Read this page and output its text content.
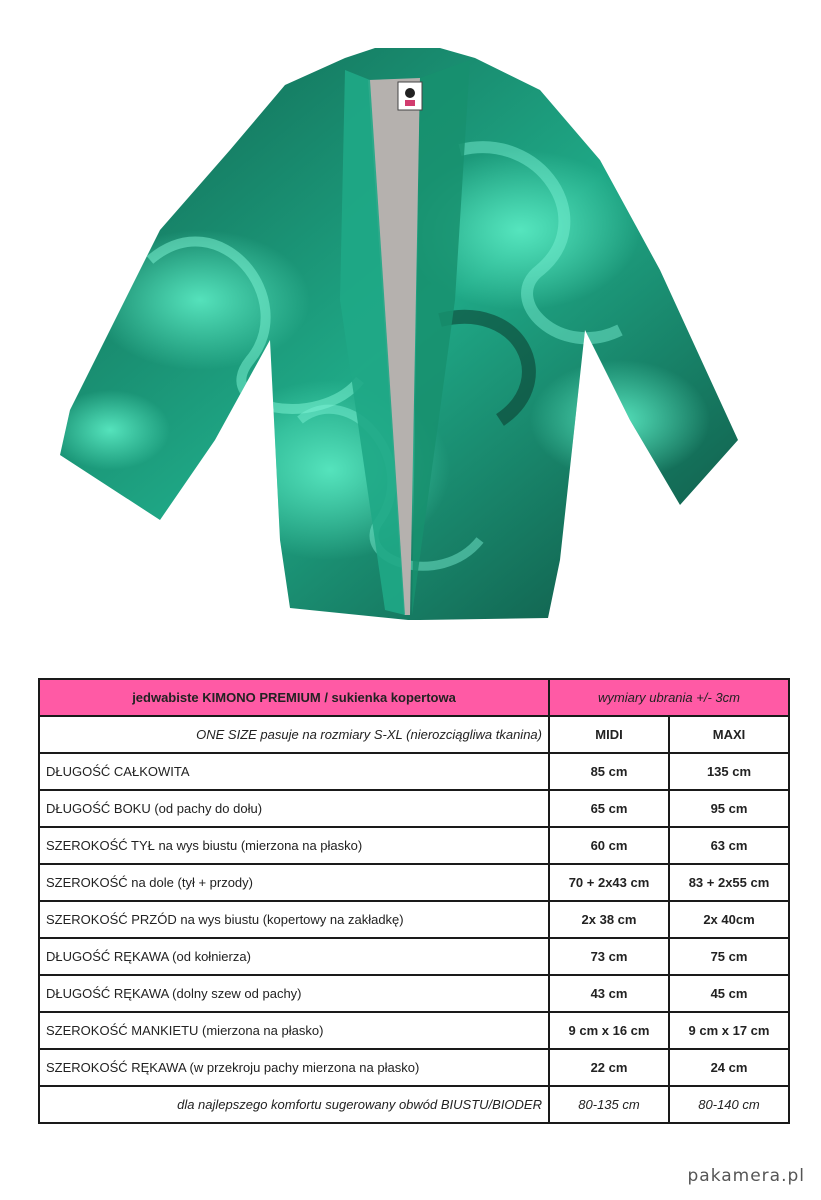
jedwabiste KIMONO PREMIUM / sukienka kopertowa	wymiary ubrania +/- 3cm	
ONE SIZE pasuje na rozmiary S-XL (nierozciągliwa tkanina)	MIDI	MAXI
DŁUGOŚĆ CAŁKOWITA	85 cm	135 cm
DŁUGOŚĆ BOKU (od pachy do dołu)	65 cm	95 cm
SZEROKOŚĆ TYŁ na wys biustu (mierzona na płasko)	60 cm	63 cm
SZEROKOŚĆ na dole (tył + przody)	70 + 2x43 cm	83 + 2x55 cm
SZEROKOŚĆ PRZÓD na wys biustu (kopertowy na zakładkę)	2x 38 cm	2x 40cm
DŁUGOŚĆ RĘKAWA (od kołnierza)	73 cm	75 cm
DŁUGOŚĆ RĘKAWA (dolny szew od pachy)	43 cm	45 cm
SZEROKOŚĆ MANKIETU (mierzona na płasko)	9 cm x 16 cm	9 cm x 17 cm
SZEROKOŚĆ RĘKAWA (w przekroju pachy mierzona na płasko)	22 cm	24 cm
dla najlepszego komfortu sugerowany obwód BIUSTU/BIODER	80-135 cm	80-140 cm
pakamera.pl
